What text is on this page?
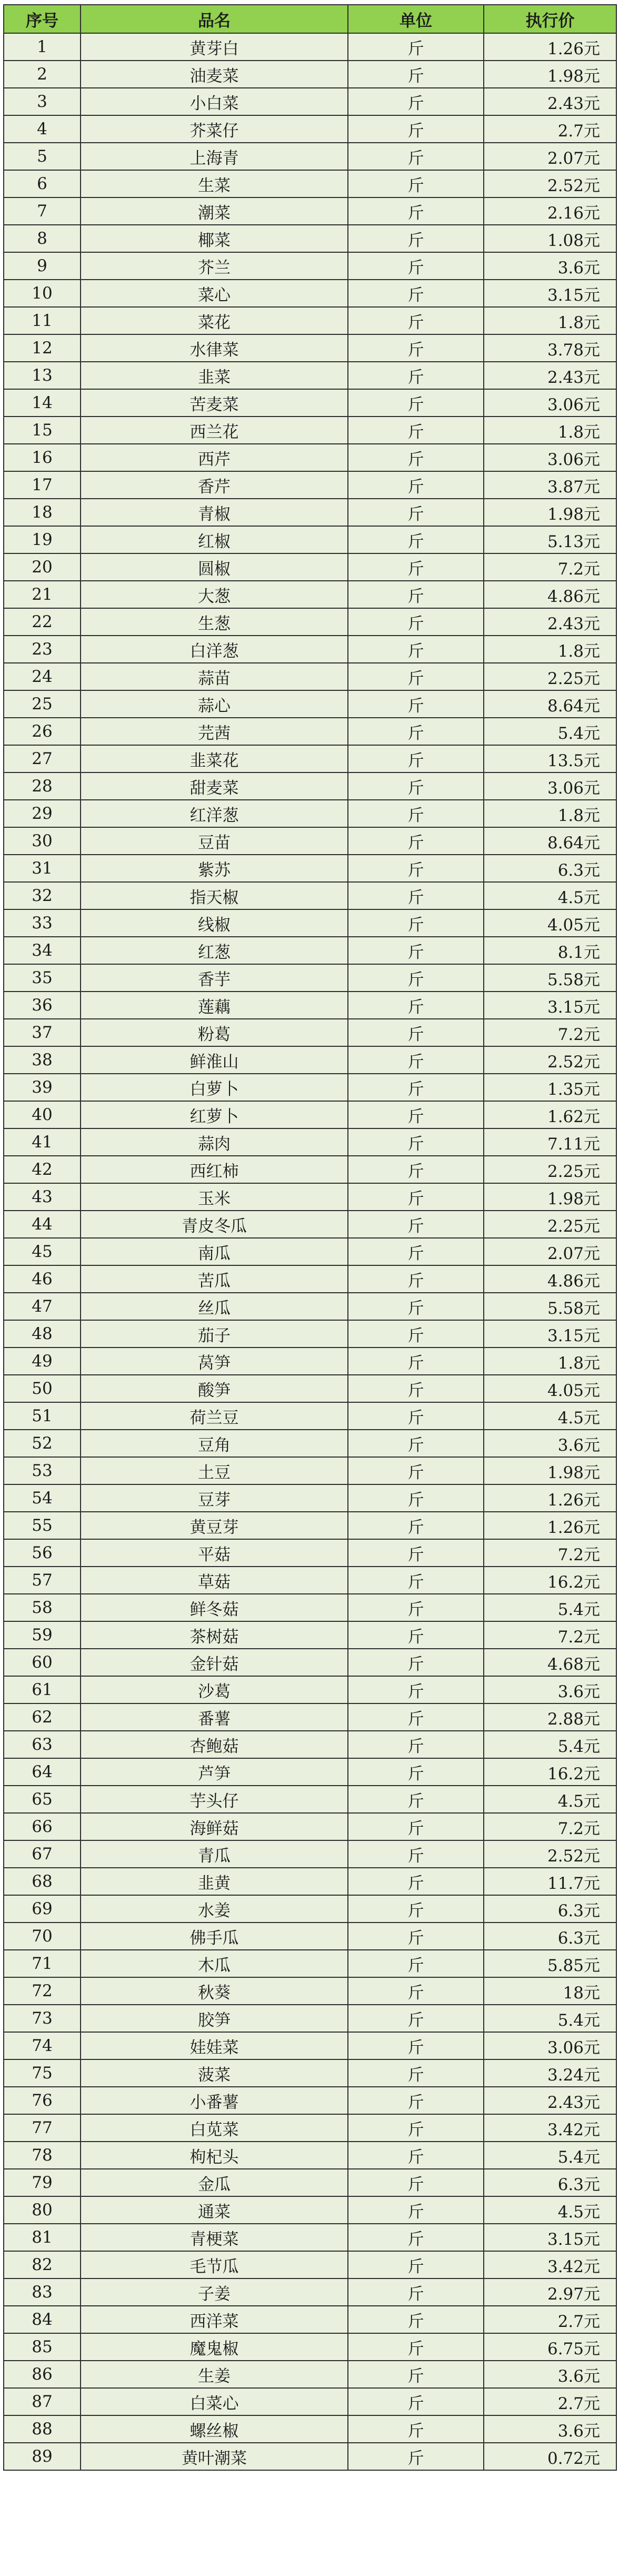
序号	品名	单位	执行价
1	黄芽白	斤	1.26元
2	油麦菜	斤	1.98元
3	小白菜	斤	2.43元
4	芥菜仔	斤	2.7元
5	上海青	斤	2.07元
6	生菜	斤	2.52元
7	潮菜	斤	2.16元
8	椰菜	斤	1.08元
9	芥兰	斤	3.6元
10	菜心	斤	3.15元
11	菜花	斤	1.8元
12	水律菜	斤	3.78元
13	韭菜	斤	2.43元
14	苦麦菜	斤	3.06元
15	西兰花	斤	1.8元
16	西芹	斤	3.06元
17	香芹	斤	3.87元
18	青椒	斤	1.98元
19	红椒	斤	5.13元
20	圆椒	斤	7.2元
21	大葱	斤	4.86元
22	生葱	斤	2.43元
23	白洋葱	斤	1.8元
24	蒜苗	斤	2.25元
25	蒜心	斤	8.64元
26	芫茜	斤	5.4元
27	韭菜花	斤	13.5元
28	甜麦菜	斤	3.06元
29	红洋葱	斤	1.8元
30	豆苗	斤	8.64元
31	紫苏	斤	6.3元
32	指天椒	斤	4.5元
33	线椒	斤	4.05元
34	红葱	斤	8.1元
35	香芋	斤	5.58元
36	莲藕	斤	3.15元
37	粉葛	斤	7.2元
38	鲜淮山	斤	2.52元
39	白萝卜	斤	1.35元
40	红萝卜	斤	1.62元
41	蒜肉	斤	7.11元
42	西红柿	斤	2.25元
43	玉米	斤	1.98元
44	青皮冬瓜	斤	2.25元
45	南瓜	斤	2.07元
46	苦瓜	斤	4.86元
47	丝瓜	斤	5.58元
48	茄子	斤	3.15元
49	莴笋	斤	1.8元
50	酸笋	斤	4.05元
51	荷兰豆	斤	4.5元
52	豆角	斤	3.6元
53	土豆	斤	1.98元
54	豆芽	斤	1.26元
55	黄豆芽	斤	1.26元
56	平菇	斤	7.2元
57	草菇	斤	16.2元
58	鲜冬菇	斤	5.4元
59	茶树菇	斤	7.2元
60	金针菇	斤	4.68元
61	沙葛	斤	3.6元
62	番薯	斤	2.88元
63	杏鲍菇	斤	5.4元
64	芦笋	斤	16.2元
65	芋头仔	斤	4.5元
66	海鲜菇	斤	7.2元
67	青瓜	斤	2.52元
68	韭黄	斤	11.7元
69	水姜	斤	6.3元
70	佛手瓜	斤	6.3元
71	木瓜	斤	5.85元
72	秋葵	斤	18元
73	胶笋	斤	5.4元
74	娃娃菜	斤	3.06元
75	菠菜	斤	3.24元
76	小番薯	斤	2.43元
77	白苋菜	斤	3.42元
78	枸杞头	斤	5.4元
79	金瓜	斤	6.3元
80	通菜	斤	4.5元
81	青梗菜	斤	3.15元
82	毛节瓜	斤	3.42元
83	子姜	斤	2.97元
84	西洋菜	斤	2.7元
85	魔鬼椒	斤	6.75元
86	生姜	斤	3.6元
87	白菜心	斤	2.7元
88	螺丝椒	斤	3.6元
89	黄叶潮菜	斤	0.72元
